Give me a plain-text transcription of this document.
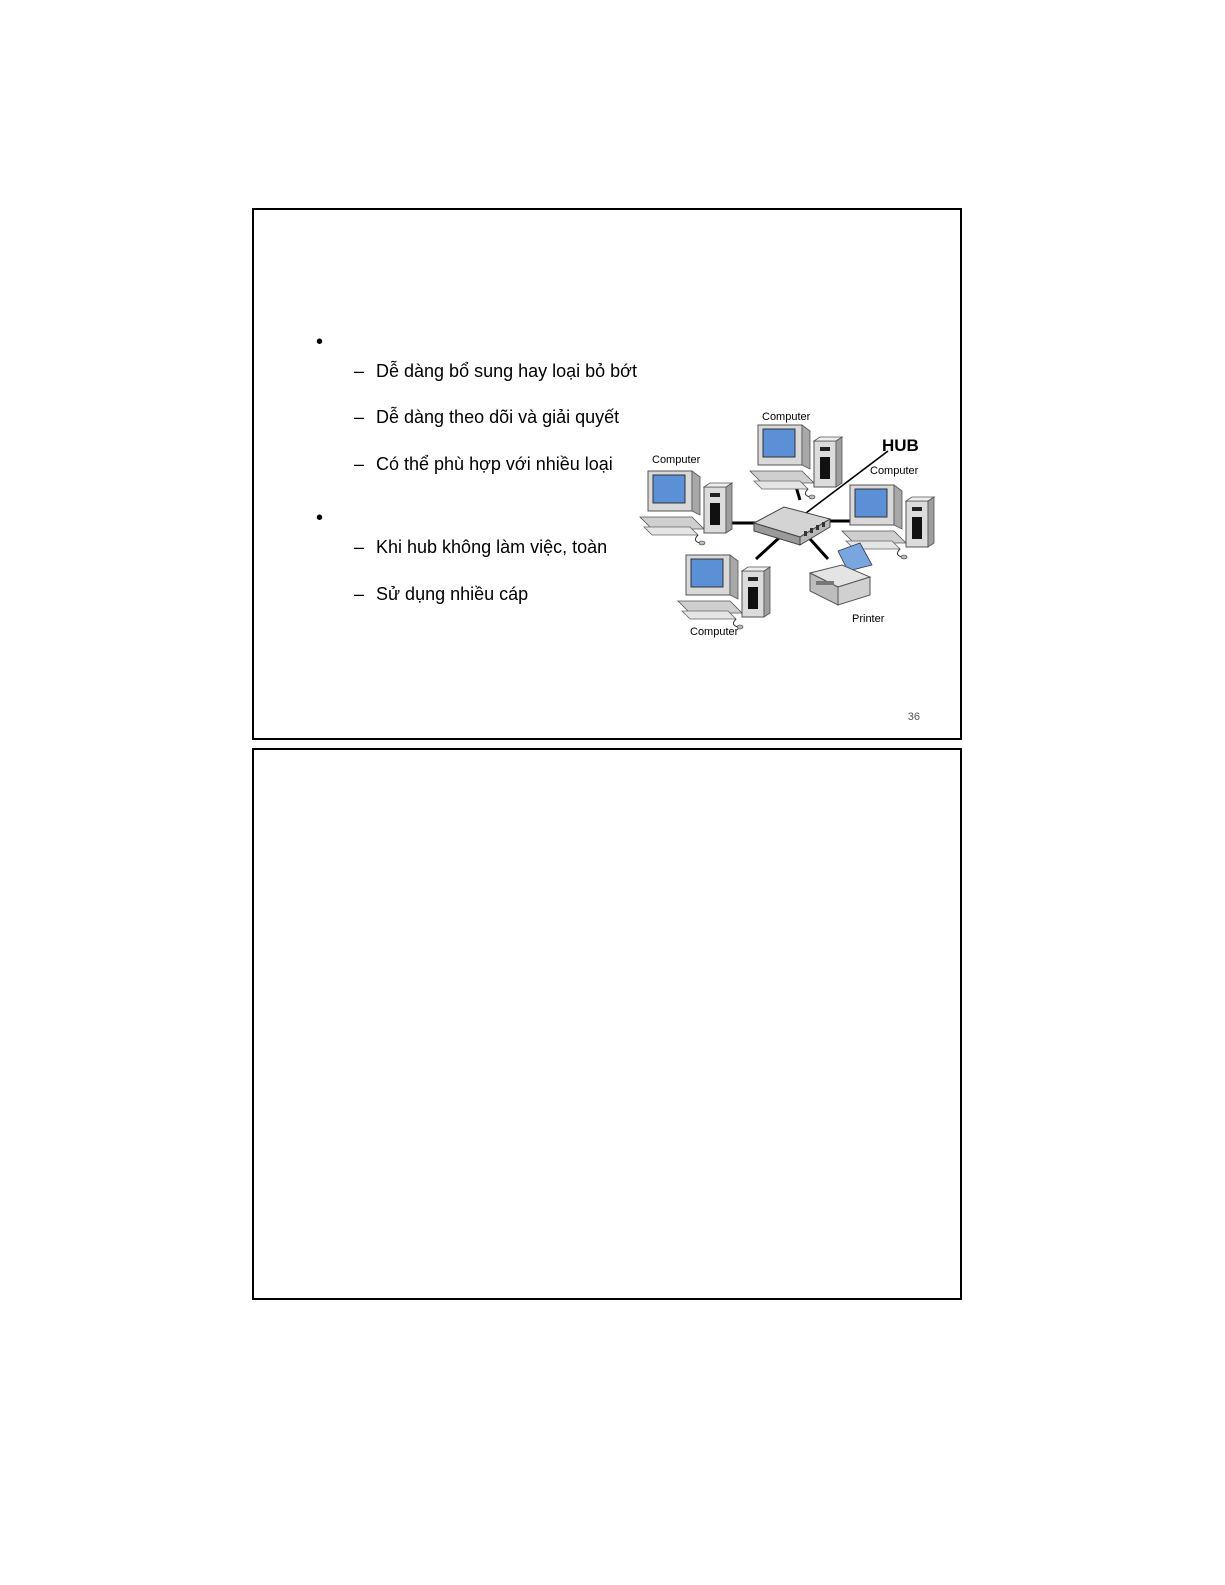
•
– Dễ dàng bổ sung hay loại bỏ bớt
– Dễ dàng theo dõi và giải quyết
– Có thể phù hợp với nhiều loại
•
– Khi hub không làm việc, toàn
– Sử dụng nhiều cáp
Computer
Computer
Computer
Computer
Printer
HUB
36
